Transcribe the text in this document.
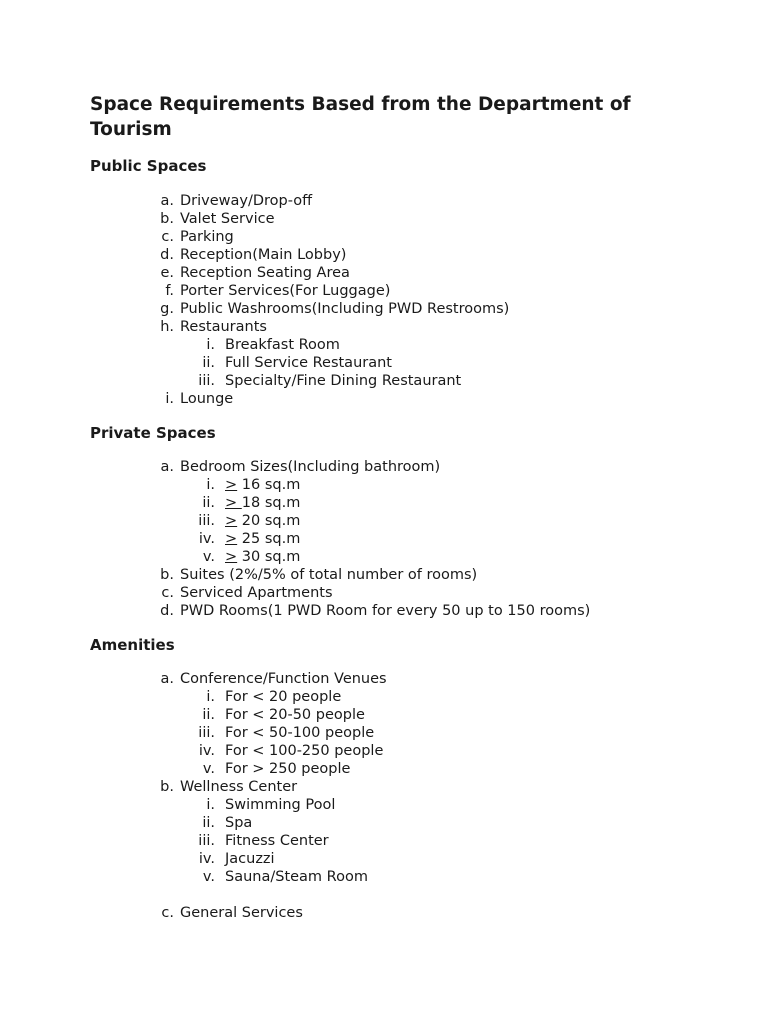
Space Requirements Based from the Department of Tourism
Public Spaces
a. Driveway/Drop-off
b. Valet Service
c. Parking
d. Reception(Main Lobby)
e. Reception Seating Area
f. Porter Services(For Luggage)
g. Public Washrooms(Including PWD Restrooms)
h. Restaurants
i. Breakfast Room
ii. Full Service Restaurant
iii. Specialty/Fine Dining Restaurant
i. Lounge
Private Spaces
a. Bedroom Sizes(Including bathroom)
i. > 16 sq.m
ii. > 18 sq.m
iii. > 20 sq.m
iv. > 25 sq.m
v. > 30 sq.m
b. Suites (2%/5% of total number of rooms)
c. Serviced Apartments
d. PWD Rooms(1 PWD Room for every 50 up to 150 rooms)
Amenities
a. Conference/Function Venues
i. For < 20 people
ii. For < 20-50 people
iii. For < 50-100 people
iv. For < 100-250 people
v. For > 250 people
b. Wellness Center
i. Swimming Pool
ii. Spa
iii. Fitness Center
iv. Jacuzzi
v. Sauna/Steam Room
c. General Services
